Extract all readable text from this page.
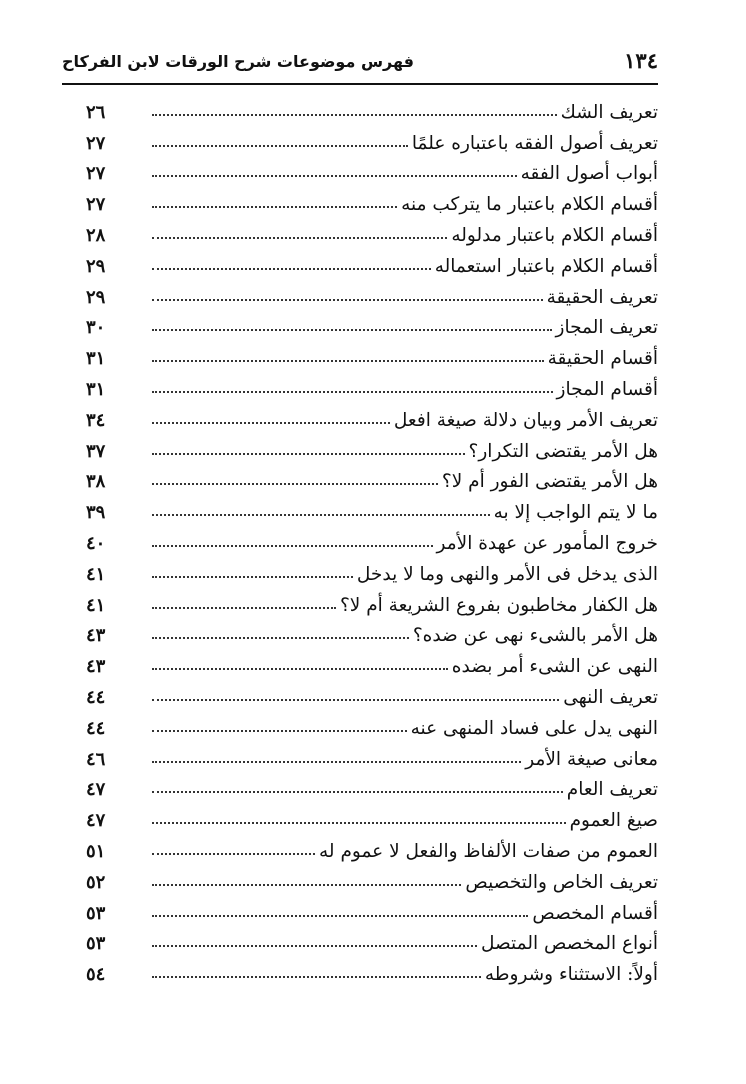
١٣٤
فهرس موضوعات شرح الورقات لابن الفركاح
تعريف الشك
٢٦
تعريف أصول الفقه باعتباره علمًا
٢٧
أبواب أصول الفقه
٢٧
أقسام الكلام باعتبار ما يتركب منه
٢٧
أقسام الكلام باعتبار مدلوله
٢٨
أقسام الكلام باعتبار استعماله
٢٩
تعريف الحقيقة
٢٩
تعريف المجاز
٣٠
أقسام الحقيقة
٣١
أقسام المجاز
٣١
تعريف الأمر وبيان دلالة صيغة افعل
٣٤
هل الأمر يقتضى التكرار؟
٣٧
هل الأمر يقتضى الفور أم لا؟
٣٨
ما لا يتم الواجب إلا به
٣٩
خروج المأمور عن عهدة الأمر
٤٠
الذى يدخل فى الأمر والنهى وما لا يدخل
٤١
هل الكفار مخاطبون بفروع الشريعة أم لا؟
٤١
هل الأمر بالشىء نهى عن ضده؟
٤٣
النهى عن الشىء أمر بضده
٤٣
تعريف النهى
٤٤
النهى يدل على فساد المنهى عنه
٤٤
معانى صيغة الأمر
٤٦
تعريف العام
٤٧
صيغ العموم
٤٧
العموم من صفات الألفاظ والفعل لا عموم له
٥١
تعريف الخاص والتخصيص
٥٢
أقسام المخصص
٥٣
أنواع المخصص المتصل
٥٣
أولاً: الاستثناء وشروطه
٥٤
